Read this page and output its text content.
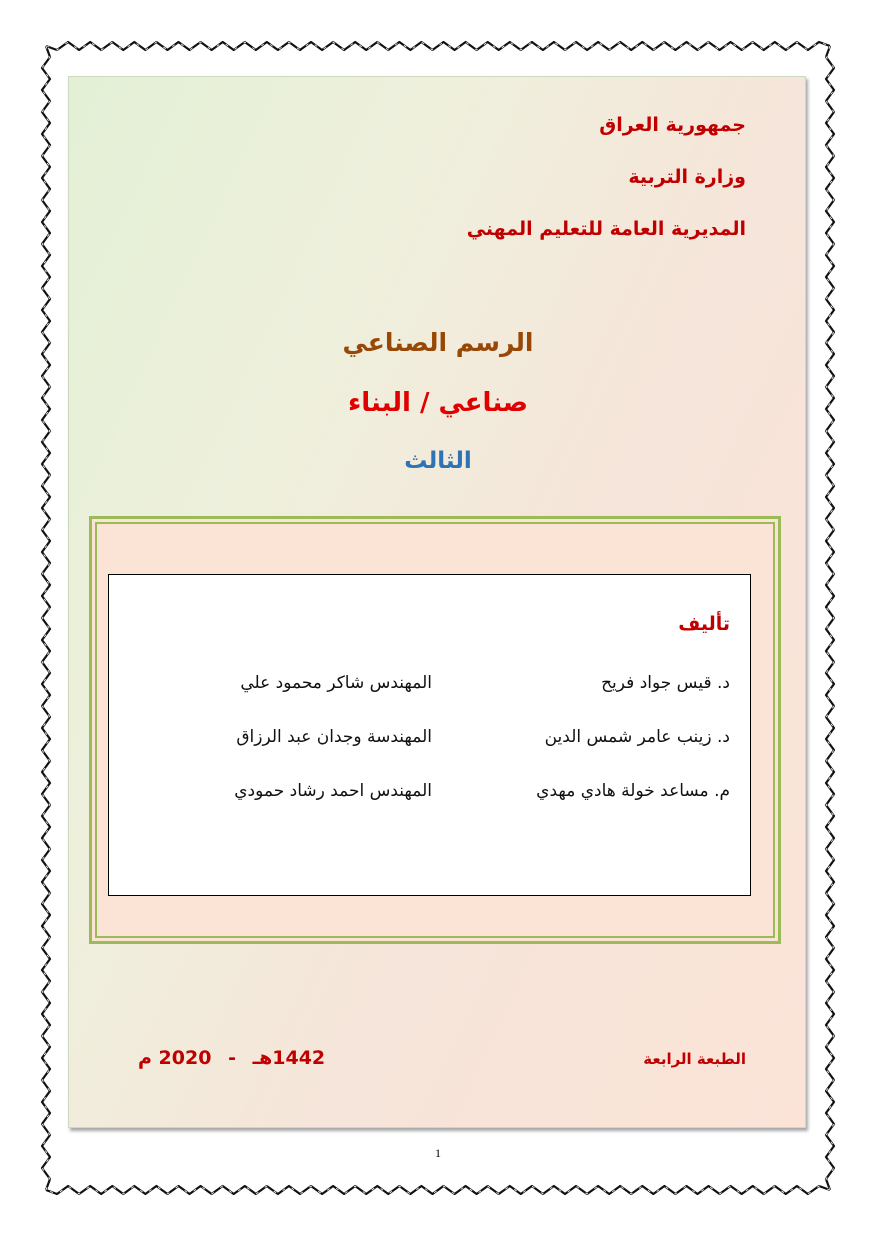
جمهورية العراق
وزارة التربية
المديرية العامة للتعليم المهني
الرسم الصناعي
صناعي / البناء
الثالث
تأليف
د. قيس جواد فريح
د. زينب عامر شمس الدين
م. مساعد خولة هادي مهدي
المهندس شاكر محمود علي
المهندسة وجدان عبد الرزاق
المهندس احمد رشاد حمودي
الطبعة الرابعة
2020 م - 1442هـ
1
